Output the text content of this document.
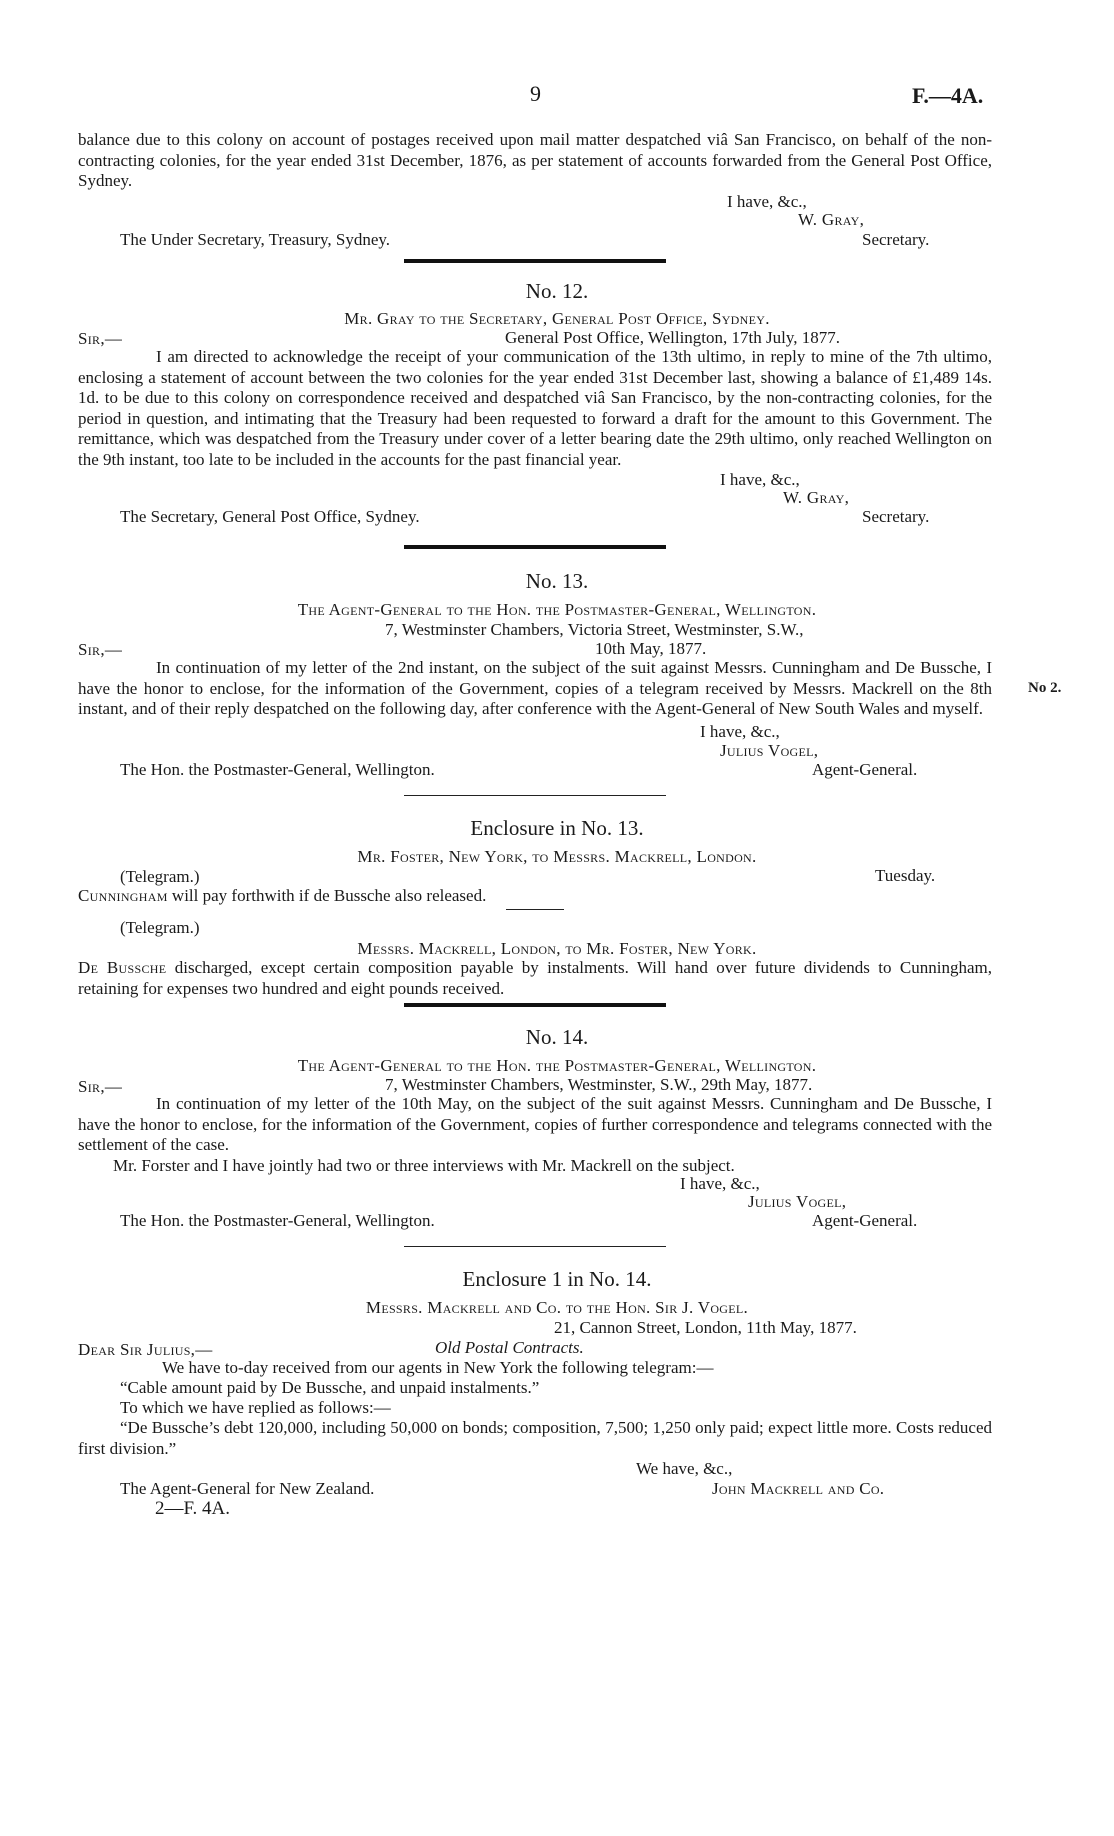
9	F.—4A.
balance due to this colony on account of postages received upon mail matter despatched viâ San Francisco, on behalf of the non-contracting colonies, for the year ended 31st December, 1876, as per statement of accounts forwarded from the General Post Office, Sydney.
I have, &c.,
W. Gray,
The Under Secretary, Treasury, Sydney.	Secretary.
No. 12.
Mr. Gray to the Secretary, General Post Office, Sydney.
Sir,—	General Post Office, Wellington, 17th July, 1877.
I am directed to acknowledge the receipt of your communication of the 13th ultimo, in reply to mine of the 7th ultimo, enclosing a statement of account between the two colonies for the year ended 31st December last, showing a balance of £1,489 14s. 1d. to be due to this colony on correspondence received and despatched viâ San Francisco, by the non-contracting colonies, for the period in question, and intimating that the Treasury had been requested to forward a draft for the amount to this Government. The remittance, which was despatched from the Treasury under cover of a letter bearing date the 29th ultimo, only reached Wellington on the 9th instant, too late to be included in the accounts for the past financial year.
I have, &c.,
W. Gray,
The Secretary, General Post Office, Sydney.	Secretary.
No. 13.
The Agent-General to the Hon. the Postmaster-General, Wellington.
7, Westminster Chambers, Victoria Street, Westminster, S.W.,
Sir,—	10th May, 1877.
In continuation of my letter of the 2nd instant, on the subject of the suit against Messrs. Cunningham and De Bussche, I have the honor to enclose, for the information of the Government, copies of a telegram received by Messrs. Mackrell on the 8th instant, and of their reply despatched on the following day, after conference with the Agent-General of New South Wales and myself.
No 2.
I have, &c.,
Julius Vogel,
The Hon. the Postmaster-General, Wellington.	Agent-General.
Enclosure in No. 13.
Mr. Foster, New York, to Messrs. Mackrell, London.
(Telegram.)	Tuesday.
Cunningham will pay forthwith if de Bussche also released.
(Telegram.)
Messrs. Mackrell, London, to Mr. Foster, New York.
De Bussche discharged, except certain composition payable by instalments. Will hand over future dividends to Cunningham, retaining for expenses two hundred and eight pounds received.
No. 14.
The Agent-General to the Hon. the Postmaster-General, Wellington.
Sir,—	7, Westminster Chambers, Westminster, S.W., 29th May, 1877.
In continuation of my letter of the 10th May, on the subject of the suit against Messrs. Cunningham and De Bussche, I have the honor to enclose, for the information of the Government, copies of further correspondence and telegrams connected with the settlement of the case.
Mr. Forster and I have jointly had two or three interviews with Mr. Mackrell on the subject.
I have, &c.,
Julius Vogel,
The Hon. the Postmaster-General, Wellington.	Agent-General.
Enclosure 1 in No. 14.
Messrs. Mackrell and Co. to the Hon. Sir J. Vogel.
21, Cannon Street, London, 11th May, 1877.
Dear Sir Julius,—	Old Postal Contracts.
We have to-day received from our agents in New York the following telegram:—
“Cable amount paid by De Bussche, and unpaid instalments.”
To which we have replied as follows:—
“De Bussche’s debt 120,000, including 50,000 on bonds; composition, 7,500; 1,250 only paid; expect little more. Costs reduced first division.”
We have, &c.,
The Agent-General for New Zealand.	John Mackrell and Co.
2—F. 4A.
